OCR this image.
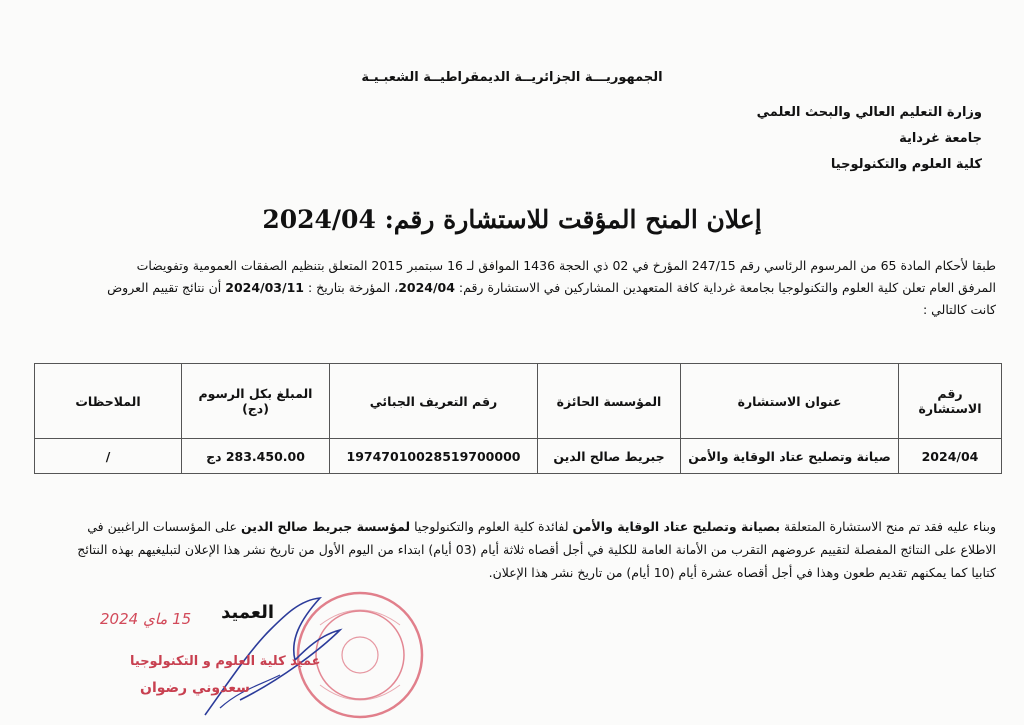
الجمهوريـــة الجزائريــة الديمقراطيــة الشعبـيـة
وزارة التعليم العالي والبحث العلمي
جامعة غرداية
كلية العلوم والتكنولوجيا
إعلان المنح المؤقت للاستشارة رقم: 2024/04
طبقا لأحكام المادة 65 من المرسوم الرئاسي رقم 247/15 المؤرخ في 02 ذي الحجة 1436 الموافق لـ 16 سبتمبر 2015 المتعلق بتنظيم الصفقات العمومية وتفويضات
المرفق العام تعلن كلية العلوم والتكنولوجيا بجامعة غرداية كافة المتعهدين المشاركين في الاستشارة رقم: 2024/04، المؤرخة بتاريخ : 2024/03/11 أن نتائج تقييم العروض
كانت كالتالي :
رقم الاستشارة	عنوان الاستشارة	المؤسسة الحائزة	رقم التعريف الجبائي	المبلغ بكل الرسوم (دج)	الملاحظات
2024/04	صيانة وتصليح عتاد الوقاية والأمن	جبريط صالح الدين	19747010028519700000	283.450.00 دج	/
وبناء عليه فقد تم منح الاستشارة المتعلقة بصيانة وتصليح عتاد الوقاية والأمن لفائدة كلية العلوم والتكنولوجيا لمؤسسة جبريط صالح الدين على المؤسسات الراغبين في
الاطلاع على النتائج المفصلة لتقييم عروضهم التقرب من الأمانة العامة للكلية في أجل أقصاه ثلاثة أيام (03 أيام) ابتداء من اليوم الأول من تاريخ نشر هذا الإعلان لتبليغيهم بهذه النتائج
كتابيا كما يمكنهم تقديم طعون وهذا في أجل أقصاه عشرة أيام (10 أيام) من تاريخ نشر هذا الإعلان.
العميد
15 ماي 2024
عميد كلية العلوم و التكنولوجيا
سعدوني رضوان
